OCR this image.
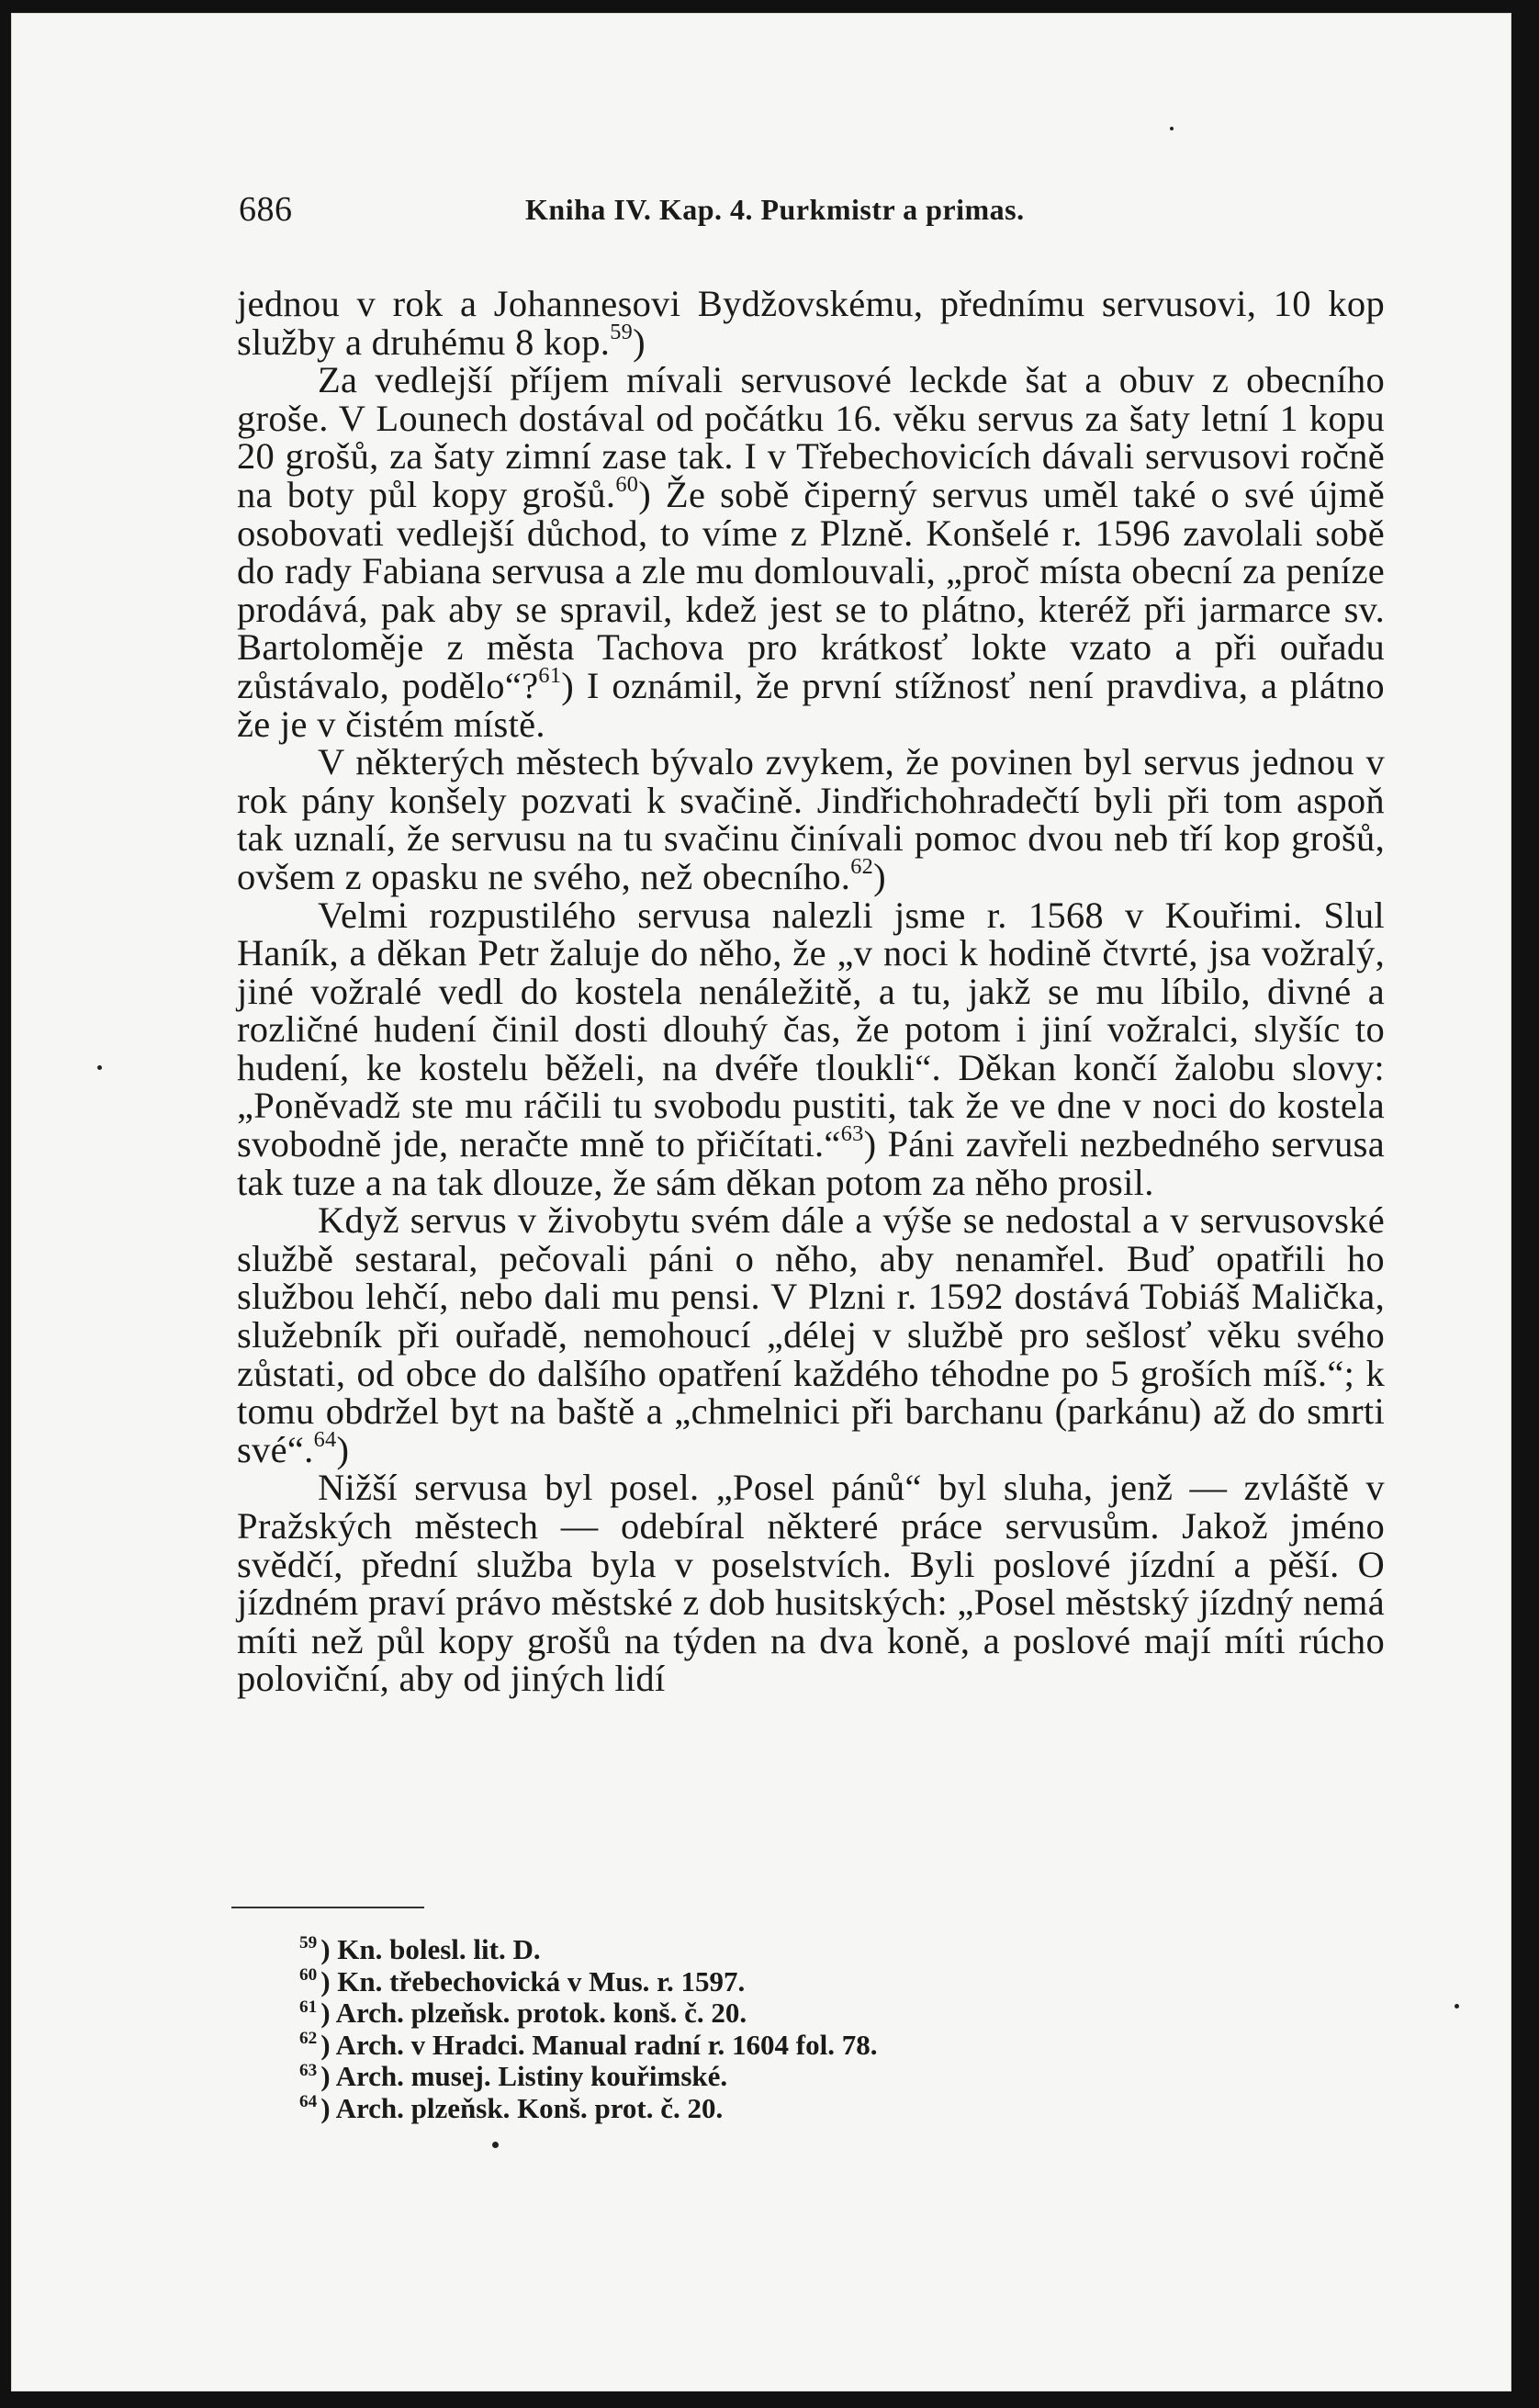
686	Kniha IV. Kap. 4. Purkmistr a primas.

jednou v rok a Johannesovi Bydžovskému, přednímu servusovi, 10 kop služby a druhému 8 kop.$^{59}$)

Za vedlejší příjem mívali servusové leckde šat a obuv z obecního groše. V Lounech dostával od počátku 16. věku servus za šaty letní 1 kopu 20 grošů, za šaty zimní zase tak. I v Třebechovicích dávali servusovi ročně na boty půl kopy grošů.$^{60}$) Že sobě čiperný servus uměl také o své újmě osobovati vedlejší důchod, to víme z Plzně. Konšelé r. 1596 zavolali sobě do rady Fabiana servusa a zle mu domlouvali, „proč místa obecní za peníze prodává, pak aby se spravil, kdež jest se to plátno, kteréž při jarmarce sv. Bartoloměje z města Tachova pro krátkosť lokte vzato a při ouřadu zůstávalo, podělo“?$^{61}$) I oznámil, že první stížnosť není pravdiva, a plátno že je v čistém místě.

V některých městech bývalo zvykem, že povinen byl servus jednou v rok pány konšely pozvati k svačině. Jindřichohradečtí byli při tom aspoň tak uznalí, že servusu na tu svačinu činívali pomoc dvou neb tří kop grošů, ovšem z opasku ne svého, než obecního.$^{62}$)

Velmi rozpustilého servusa nalezli jsme r. 1568 v Kouřimi. Slul Haník, a děkan Petr žaluje do něho, že „v noci k hodině čtvrté, jsa vožralý, jiné vožralé vedl do kostela nenáležitě, a tu, jakž se mu líbilo, divné a rozličné hudení činil dosti dlouhý čas, že potom i jiní vožralci, slyšíc to hudení, ke kostelu běželi, na dvéře tloukli“. Děkan končí žalobu slovy: „Poněvadž ste mu ráčili tu svobodu pustiti, tak že ve dne v noci do kostela svobodně jde, neračte mně to přičítati.“$^{63}$) Páni zavřeli nezbedného servusa tak tuze a na tak dlouze, že sám děkan potom za něho prosil.

Když servus v živobytu svém dále a výše se nedostal a v servusovské službě sestaral, pečovali páni o něho, aby nenamřel. Buď opatřili ho službou lehčí, nebo dali mu pensi. V Plzni r. 1592 dostává Tobiáš Malička, služebník při ouřadě, nemohoucí „délej v službě pro sešlosť věku svého zůstati, od obce do dalšího opatření každého téhodne po 5 groších míš.“; k tomu obdržel byt na baště a „chmelnici při barchanu (parkánu) až do smrti své“.$^{64}$)

Nižší servusa byl posel. „Posel pánů“ byl sluha, jenž — zvláště v Pražských městech — odebíral některé práce servusům. Jakož jméno svědčí, přední služba byla v poselstvích. Byli poslové jízdní a pěší. O jízdném praví právo městské z dob husitských: „Posel městský jízdný nemá míti než půl kopy grošů na týden na dva koně, a poslové mají míti rúcho poloviční, aby od jiných lidí

$^{59}$ ) Kn. bolesl. lit. D.
$^{60}$ ) Kn. třebechovická v Mus. r. 1597.
$^{61}$ ) Arch. plzeňsk. protok. konš. č. 20.
$^{62}$ ) Arch. v Hradci. Manual radní r. 1604 fol. 78.
$^{63}$ ) Arch. musej. Listiny kouřimské.
$^{64}$ ) Arch. plzeňsk. Konš. prot. č. 20.
